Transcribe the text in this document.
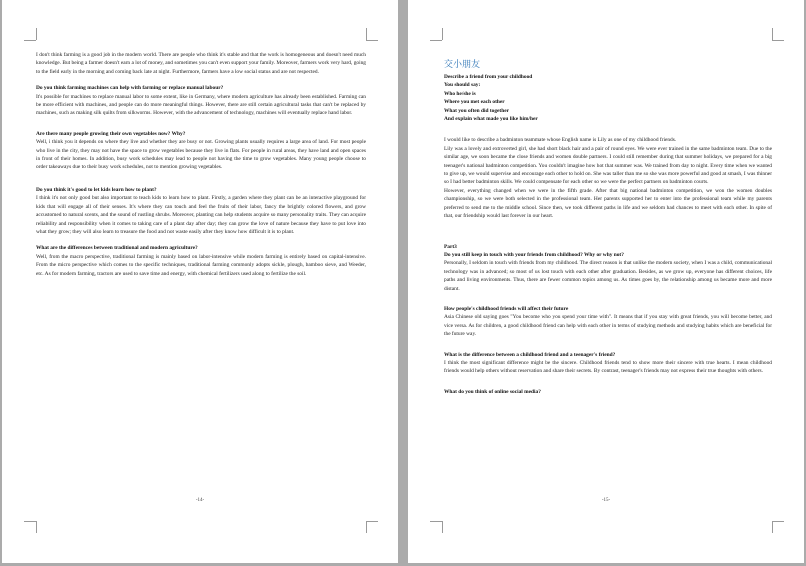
I don't think farming is a good job in the modern world. There are people who think it's stable and that the work is homogeneous and doesn't need much knowledge. But being a farmer doesn't earn a lot of money, and sometimes you can't even support your family. Moreover, farmers work very hard, going to the field early in the morning and coming back late at night. Furthermore, farmers have a low social status and are not respected.

Do you think farming machines can help with farming or replace manual labour?

It's possible for machines to replace manual labor to some extent, like in Germany, where modern agriculture has already been established. Farming can be more efficient with machines, and people can do more meaningful things. However, there are still certain agricultural tasks that can't be replaced by machines, such as making silk quilts from silkworms. However, with the advancement of technology, machines will eventually replace hand labor.

Are there many people growing their own vegetables now? Why?

Well, i think you it depends on where they live and whether they are busy or not. Growing plants usually requires a large area of land. For most people who live in the city, they may not have the space to grow vegetables because they live in flats. For people in rural areas, they have land and open spaces in front of their homes. In addition, busy work schedules may lead to people not having the time to grow vegetables. Many young people choose to order takeaways due to their busy work schedules, not to mention growing vegetables.

Do you think it's good to let kids learn how to plant?

I think it's not only good but also important to teach kids to learn how to plant. Firstly, a garden where they plant can be an interactive playground for kids that will engage all of their senses. It's where they can touch and feel the fruits of their labor, fancy the brightly colored flowers, and grow accustomed to natural scents, and the sound of rustling shrubs. Moreover, planting can help students acquire so many personality traits. They can acquire reliability and responsibility when it comes to taking care of a plant day after day; they can grow the love of nature because they have to put love into what they grow; they will also learn to treasure the food and not waste easily after they know how difficult it is to plant.

What are the differences between traditional and modern agriculture?

Well, from the macro perspective, traditional farming is mainly based on labor-intensive while modern farming is entirely based on capital-intensive. From the micro perspective which comes to the specific techniques, traditional farming commonly adopts sickle, plough, bamboo sieve, and Weeder, etc. As for modern farming, tractors are used to save time and energy, with chemical fertilizers used along to fertilize the soil.

-14-
交小朋友

Describe a friend from your childhood

You should say:

Who he/she is

Where you met each other

What you often did together

And explain what made you like him/her

I would like to describe a badminton teammate whose English name is Lily as one of my childhood friends.

Lily was a lovely and extroverted girl, she had short black hair and a pair of round eyes. We were ever trained in the same badminton team. Due to the similar age, we soon became the close friends and women double partners. I could still remember during that summer holidays, we prepared for a big teenager's national badminton competition. You couldn't imagine how hot that summer was. We trained from day to night. Every time when we wanted to give up, we would supervise and encourage each other to hold on. She was taller than me so she was more powerful and good at smash, I was thinner so I had better badminton skills. We could compensate for each other so we were the perfect partners on badminton courts.

However, everything changed when we were in the fifth grade. After that big national badminton competition, we won the women doubles championship, so we were both selected in the professional team. Her parents supported her to enter into the professional team while my parents preferred to send me to the middle school. Since then, we took different paths in life and we seldom had chances to meet with each other. In spite of that, our friendship would last forever in our heart.

Part3

Do you still keep in touch with your friends from childhood? Why or why not?

Personally, I seldom in touch with friends from my childhood. The direct reason is that unlike the modern society, when I was a child, communicational technology was in advanced; so most of us lost touch with each other after graduation. Besides, as we grow up, everyone has different choices, life paths and living environments. Thus, there are fewer common topics among us. As times goes by, the relationship among us became more and more distant.

How people's childhood friends will affect their future

Asia Chinese old saying goes "You become who you spend your time with". It means that if you stay with great friends, you will become better, and vice versa. As for children, a good childhood friend can help with each other in terms of studying methods and studying habits which are beneficial for the future way.

What is the difference between a childhood friend and a teenager's friend?

I think the most significant difference might be the sincere. Childhood friends tend to show more their sincere with true hearts. I mean childhood friends would help others without reservation and share their secrets. By contrast, teenager's friends may not express their true thoughts with others.

What do you think of online social media?

-15-
